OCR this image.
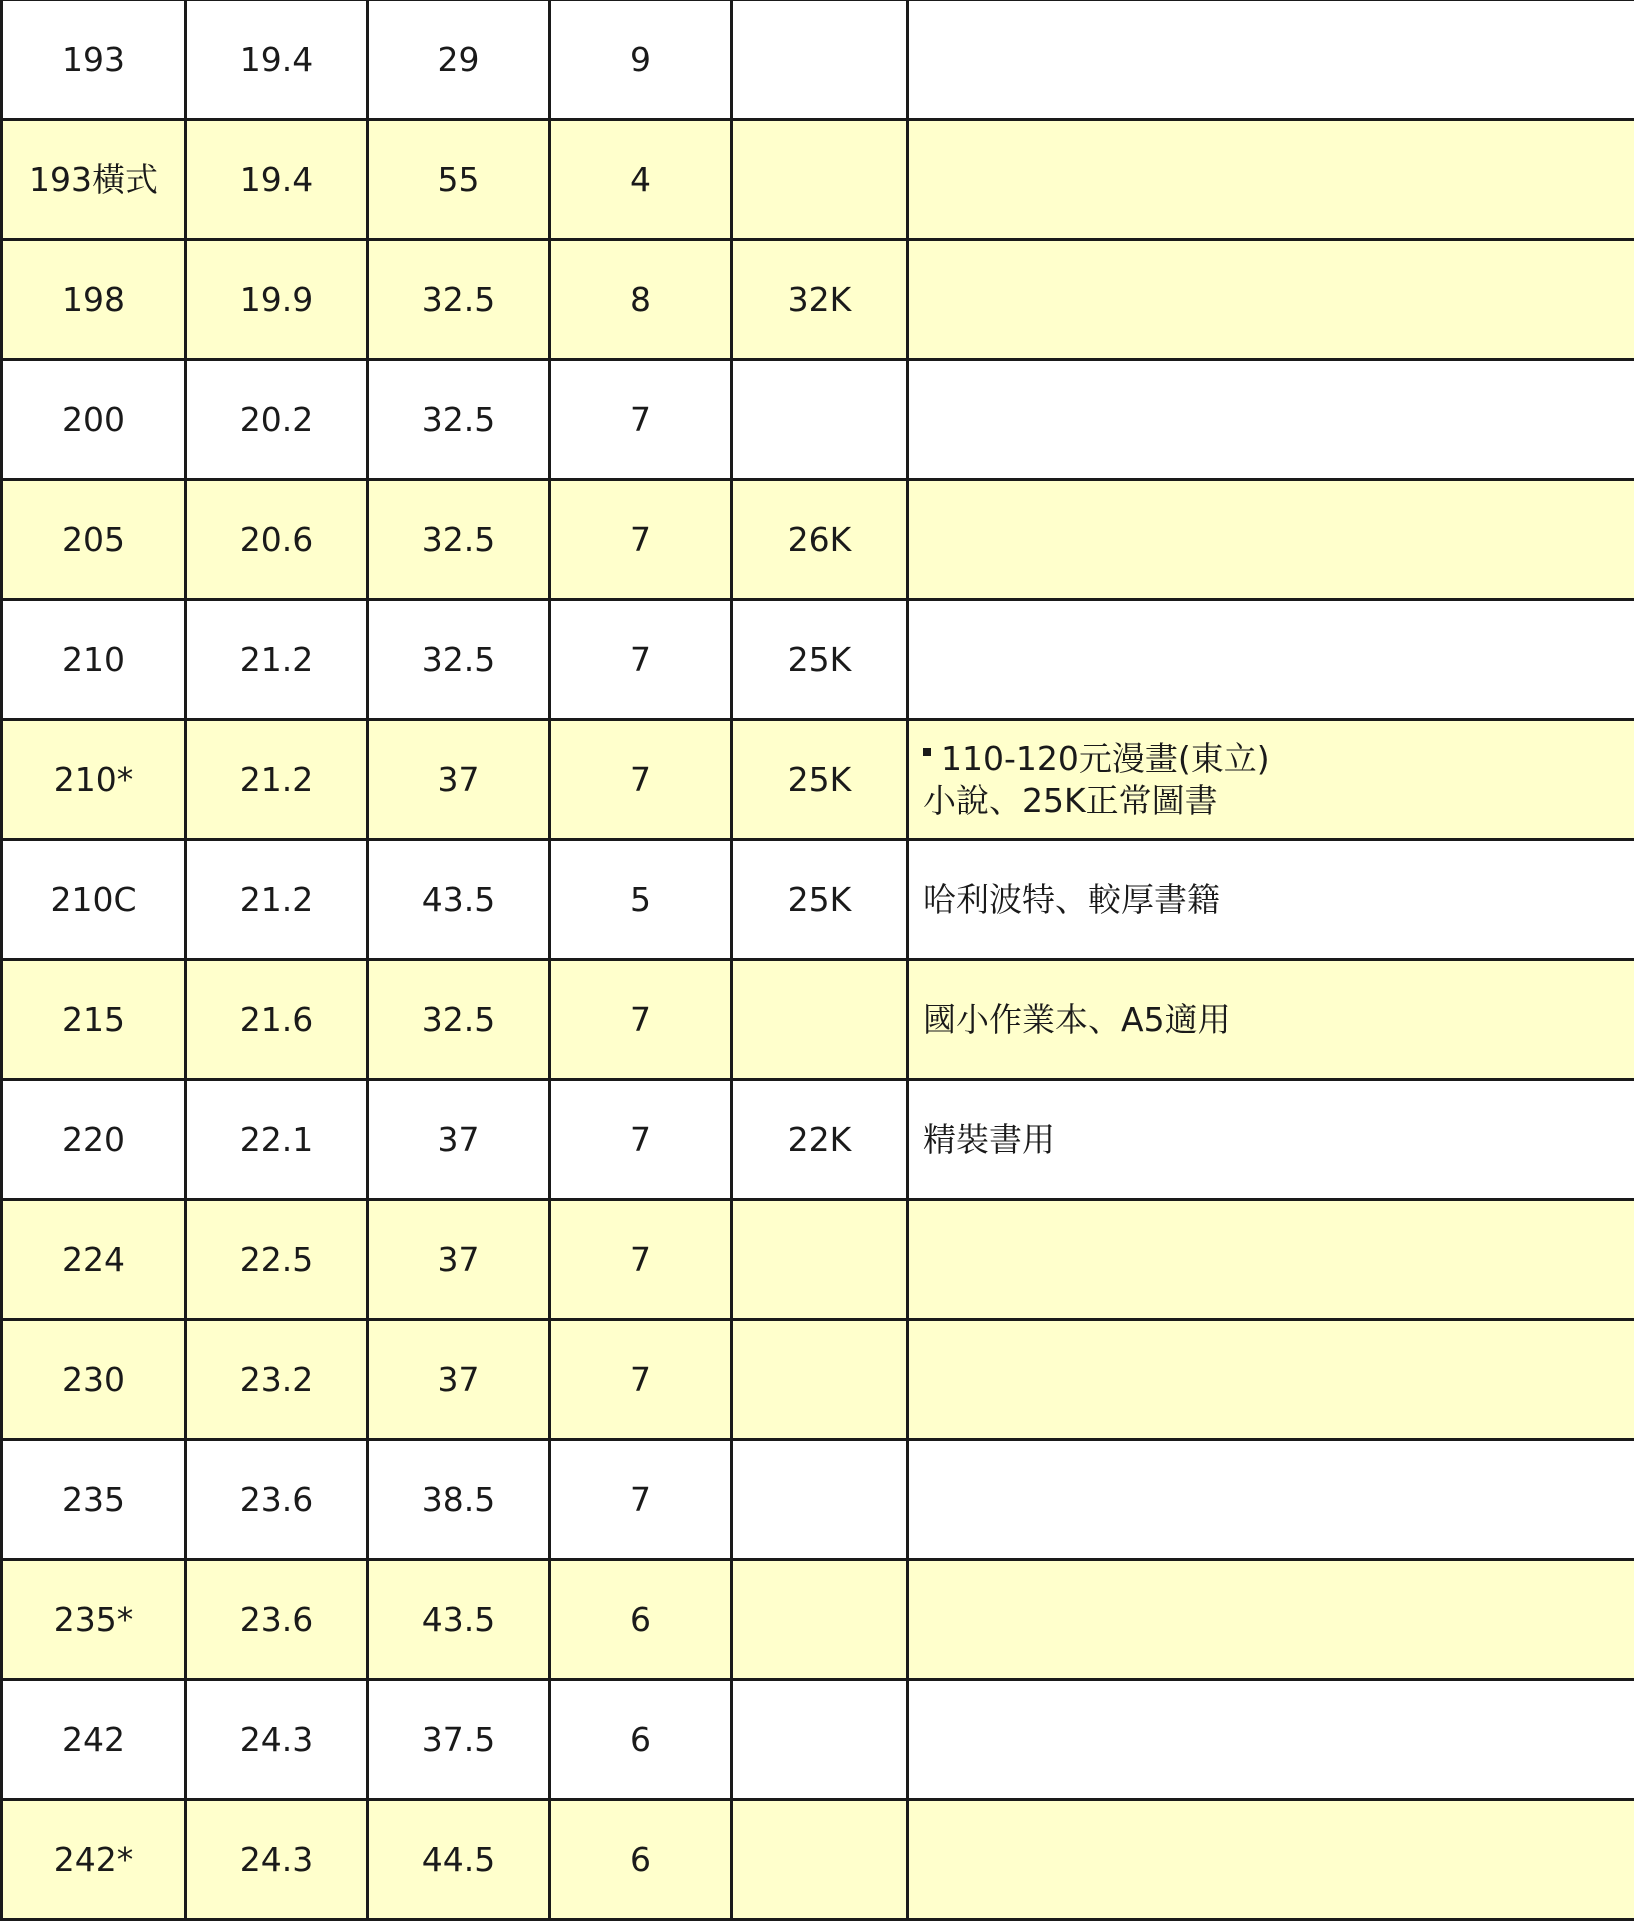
193	19.4	29	9		
193橫式	19.4	55	4		
198	19.9	32.5	8	32K	
200	20.2	32.5	7		
205	20.6	32.5	7	26K	
210	21.2	32.5	7	25K	
210*	21.2	37	7	25K	110-120元漫畫(東立)
小說、25K正常圖書

210C	21.2	43.5	5	25K	哈利波特、較厚書籍

215	21.6	32.5	7		國小作業本、A5適用

220	22.1	37	7	22K	精裝書用

224	22.5	37	7		
230	23.2	37	7		
235	23.6	38.5	7		
235*	23.6	43.5	6		
242	24.3	37.5	6		
242*	24.3	44.5	6		
